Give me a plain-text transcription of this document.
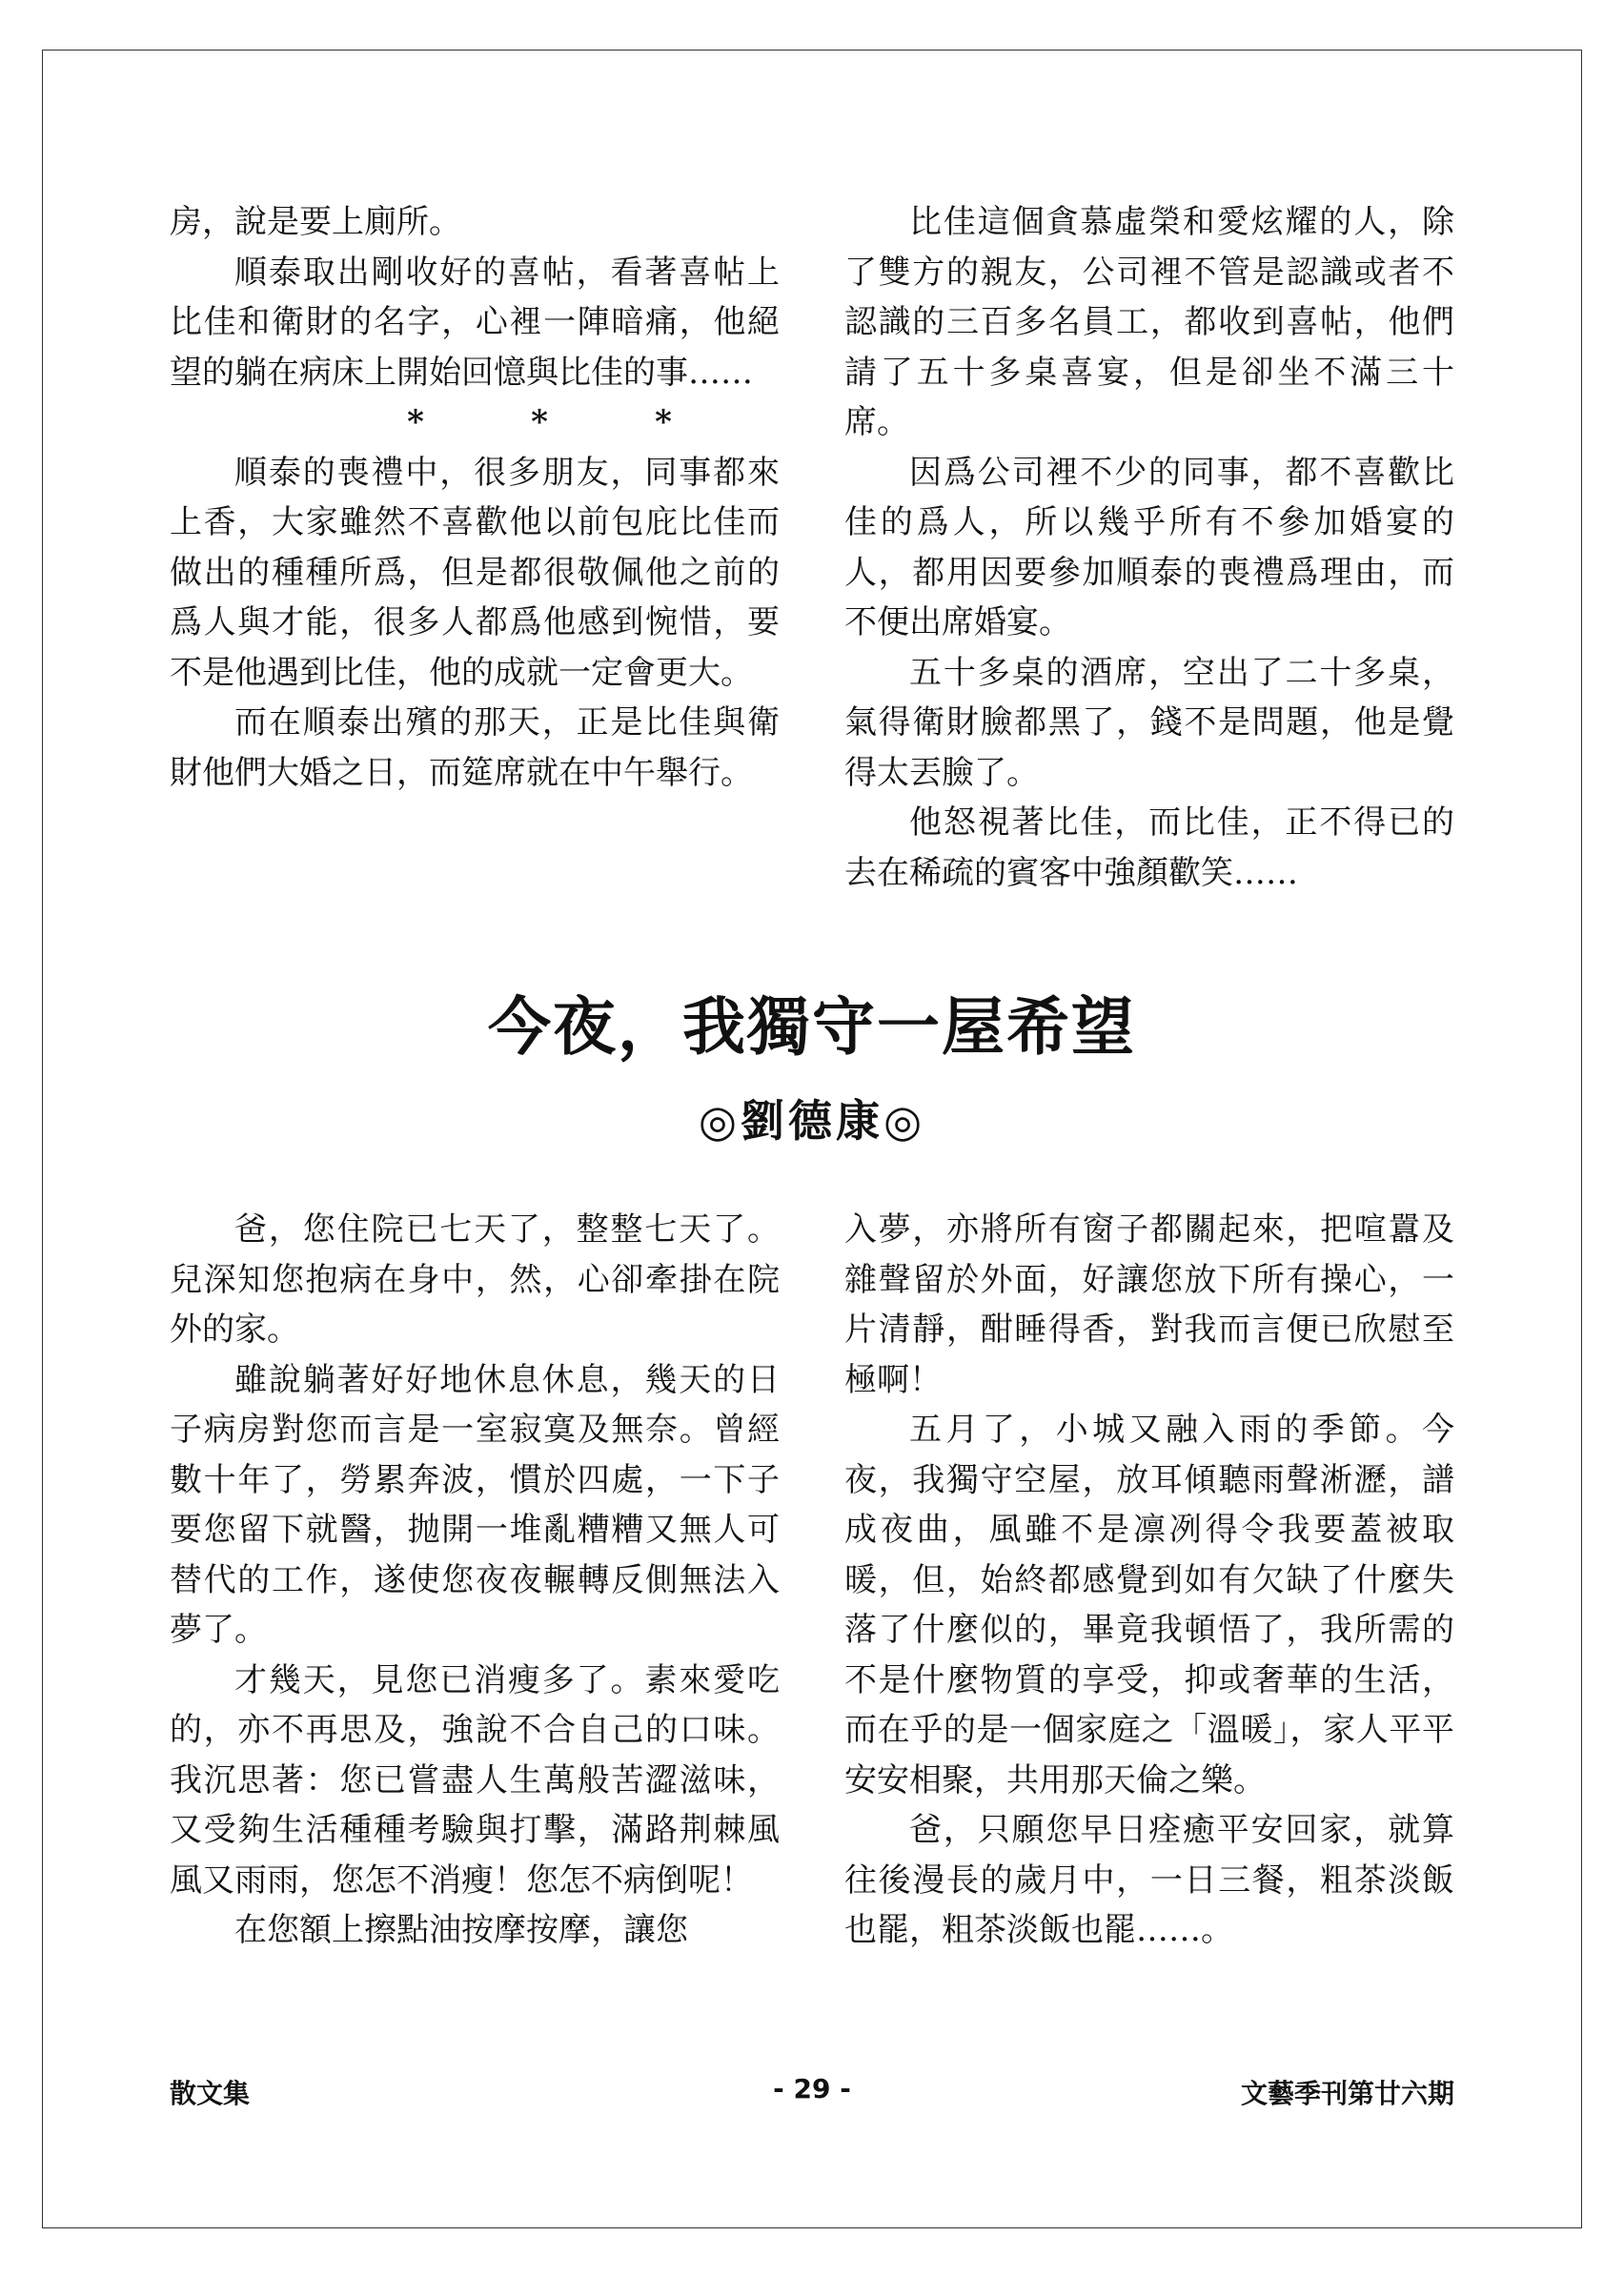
房，說是要上廁所。

順泰取出剛收好的喜帖，看著喜帖上比佳和衛財的名字，心裡一陣暗痛，他絕望的躺在病床上開始回憶與比佳的事……

*	*	*

順泰的喪禮中，很多朋友，同事都來上香，大家雖然不喜歡他以前包庇比佳而做出的種種所爲，但是都很敬佩他之前的爲人與才能，很多人都爲他感到惋惜，要不是他遇到比佳，他的成就一定會更大。

而在順泰出殯的那天，正是比佳與衛財他們大婚之日，而筵席就在中午舉行。

比佳這個貪慕虛榮和愛炫耀的人，除了雙方的親友，公司裡不管是認識或者不認識的三百多名員工，都收到喜帖，他們請了五十多桌喜宴，但是卻坐不滿三十席。

因爲公司裡不少的同事，都不喜歡比佳的爲人，所以幾乎所有不參加婚宴的人，都用因要參加順泰的喪禮爲理由，而不便出席婚宴。

五十多桌的酒席，空出了二十多桌，氣得衛財臉都黑了，錢不是問題，他是覺得太丟臉了。

他怒視著比佳，而比佳，正不得已的去在稀疏的賓客中強顏歡笑……

今夜，我獨守一屋希望
◎劉德康◎

爸，您住院已七天了，整整七天了。兒深知您抱病在身中，然，心卻牽掛在院外的家。

雖說躺著好好地休息休息，幾天的日子病房對您而言是一室寂寞及無奈。曾經數十年了，勞累奔波，慣於四處，一下子要您留下就醫，抛開一堆亂糟糟又無人可替代的工作，遂使您夜夜輾轉反側無法入夢了。

才幾天，見您已消瘦多了。素來愛吃的，亦不再思及，強說不合自己的口味。我沉思著：您已嘗盡人生萬般苦澀滋味，又受夠生活種種考驗與打擊，滿路荆棘風風又雨雨，您怎不消瘦！您怎不病倒呢！

在您額上擦點油按摩按摩，讓您

入夢，亦將所有窗子都關起來，把喧囂及雜聲留於外面，好讓您放下所有操心，一片清靜，酣睡得香，對我而言便已欣慰至極啊！

五月了，小城又融入雨的季節。今夜，我獨守空屋，放耳傾聽雨聲淅瀝，譜成夜曲，風雖不是凛冽得令我要蓋被取暖，但，始終都感覺到如有欠缺了什麼失落了什麼似的，畢竟我頓悟了，我所需的不是什麼物質的享受，抑或奢華的生活，而在乎的是一個家庭之「溫暖」，家人平平安安相聚，共用那天倫之樂。

爸，只願您早日痊癒平安回家，就算往後漫長的歲月中，一日三餐，粗茶淡飯也罷，粗茶淡飯也罷……。

散文集	- 29 -	文藝季刊第廿六期
